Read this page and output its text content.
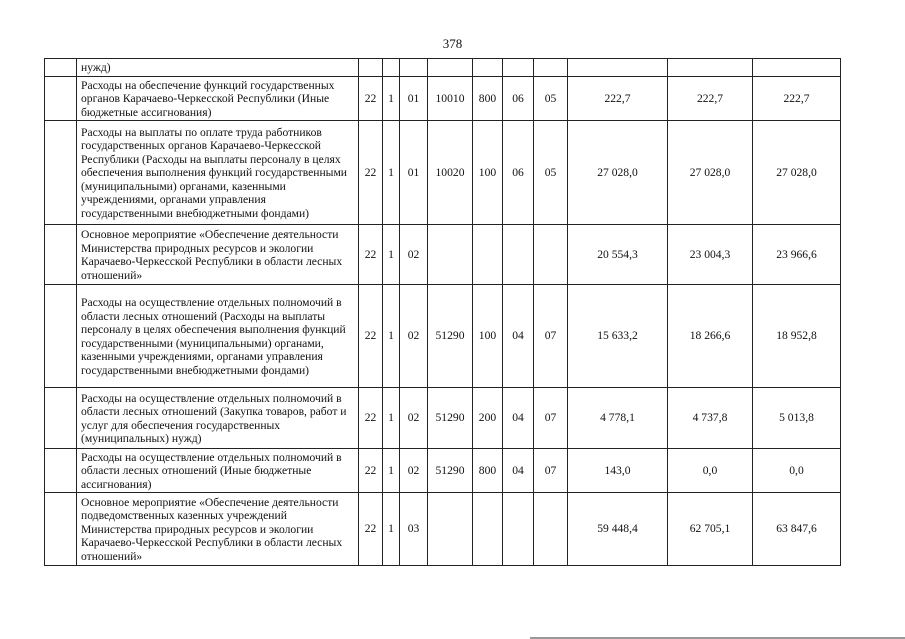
378
	нужд)										
	Расходы на обеспечение функций государственных органов Карачаево-Черкесской Республики (Иные бюджетные ассигнования)	22	1	01	10010	800	06	05	222,7	222,7	222,7
	Расходы на выплаты по оплате труда работников государственных органов Карачаево-Черкесской Республики (Расходы на выплаты персоналу в целях обеспечения выполнения функций государственными (муниципальными) органами, казенными учреждениями, органами управления государственными внебюджетными фондами)	22	1	01	10020	100	06	05	27 028,0	27 028,0	27 028,0
	Основное мероприятие «Обеспечение деятельности Министерства природных ресурсов и экологии Карачаево-Черкесской Республики в области лесных отношений»	22	1	02					20 554,3	23 004,3	23 966,6
	Расходы на осуществление отдельных полномочий в области лесных отношений (Расходы на выплаты персоналу в целях обеспечения выполнения функций государственными (муниципальными) органами, казенными учреждениями, органами управления государственными внебюджетными фондами)	22	1	02	51290	100	04	07	15 633,2	18 266,6	18 952,8
	Расходы на осуществление отдельных полномочий в области лесных отношений (Закупка товаров, работ и услуг для обеспечения государственных (муниципальных) нужд)	22	1	02	51290	200	04	07	4 778,1	4 737,8	5 013,8
	Расходы на осуществление отдельных полномочий в области лесных отношений (Иные бюджетные ассигнования)	22	1	02	51290	800	04	07	143,0	0,0	0,0
	Основное мероприятие «Обеспечение деятельности подведомственных казенных учреждений Министерства природных ресурсов и экологии Карачаево-Черкесской Республики в области лесных отношений»	22	1	03					59 448,4	62 705,1	63 847,6
